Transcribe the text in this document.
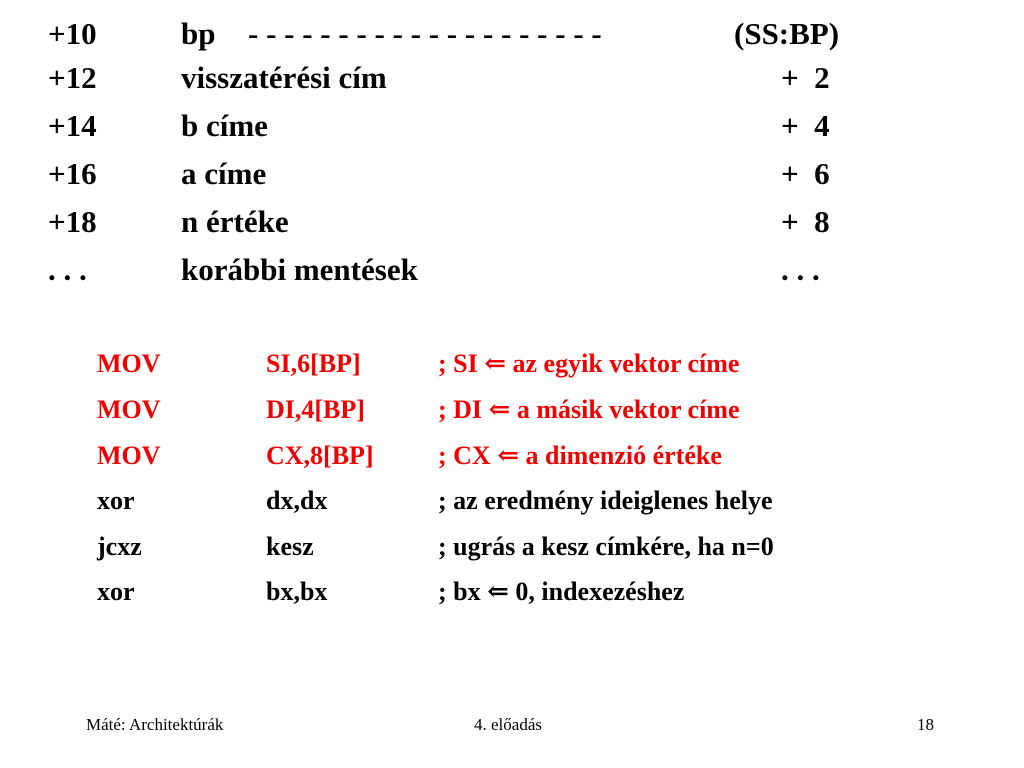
+10	bp - - - - - - - - - - - - - - - - - - - -	(SS:BP)
+12	visszatérési cím	+  2
+14	b címe	+  4
+16	a címe	+  6
+18	n értéke	+  8
. . .	korábbi mentések	. . .
MOV	SI,6[BP]	; SI ⇐ az egyik vektor címe
MOV	DI,4[BP]	; DI ⇐ a másik vektor címe
MOV	CX,8[BP] ; CX ⇐ a dimenzió értéke
xor	dx,dx	; az eredmény ideiglenes helye
jcxz	kesz	; ugrás a kesz címkére, ha n=0
xor	bx,bx	; bx ⇐ 0, indexezéshez
Máté: Architektúrák	4. előadás	18
